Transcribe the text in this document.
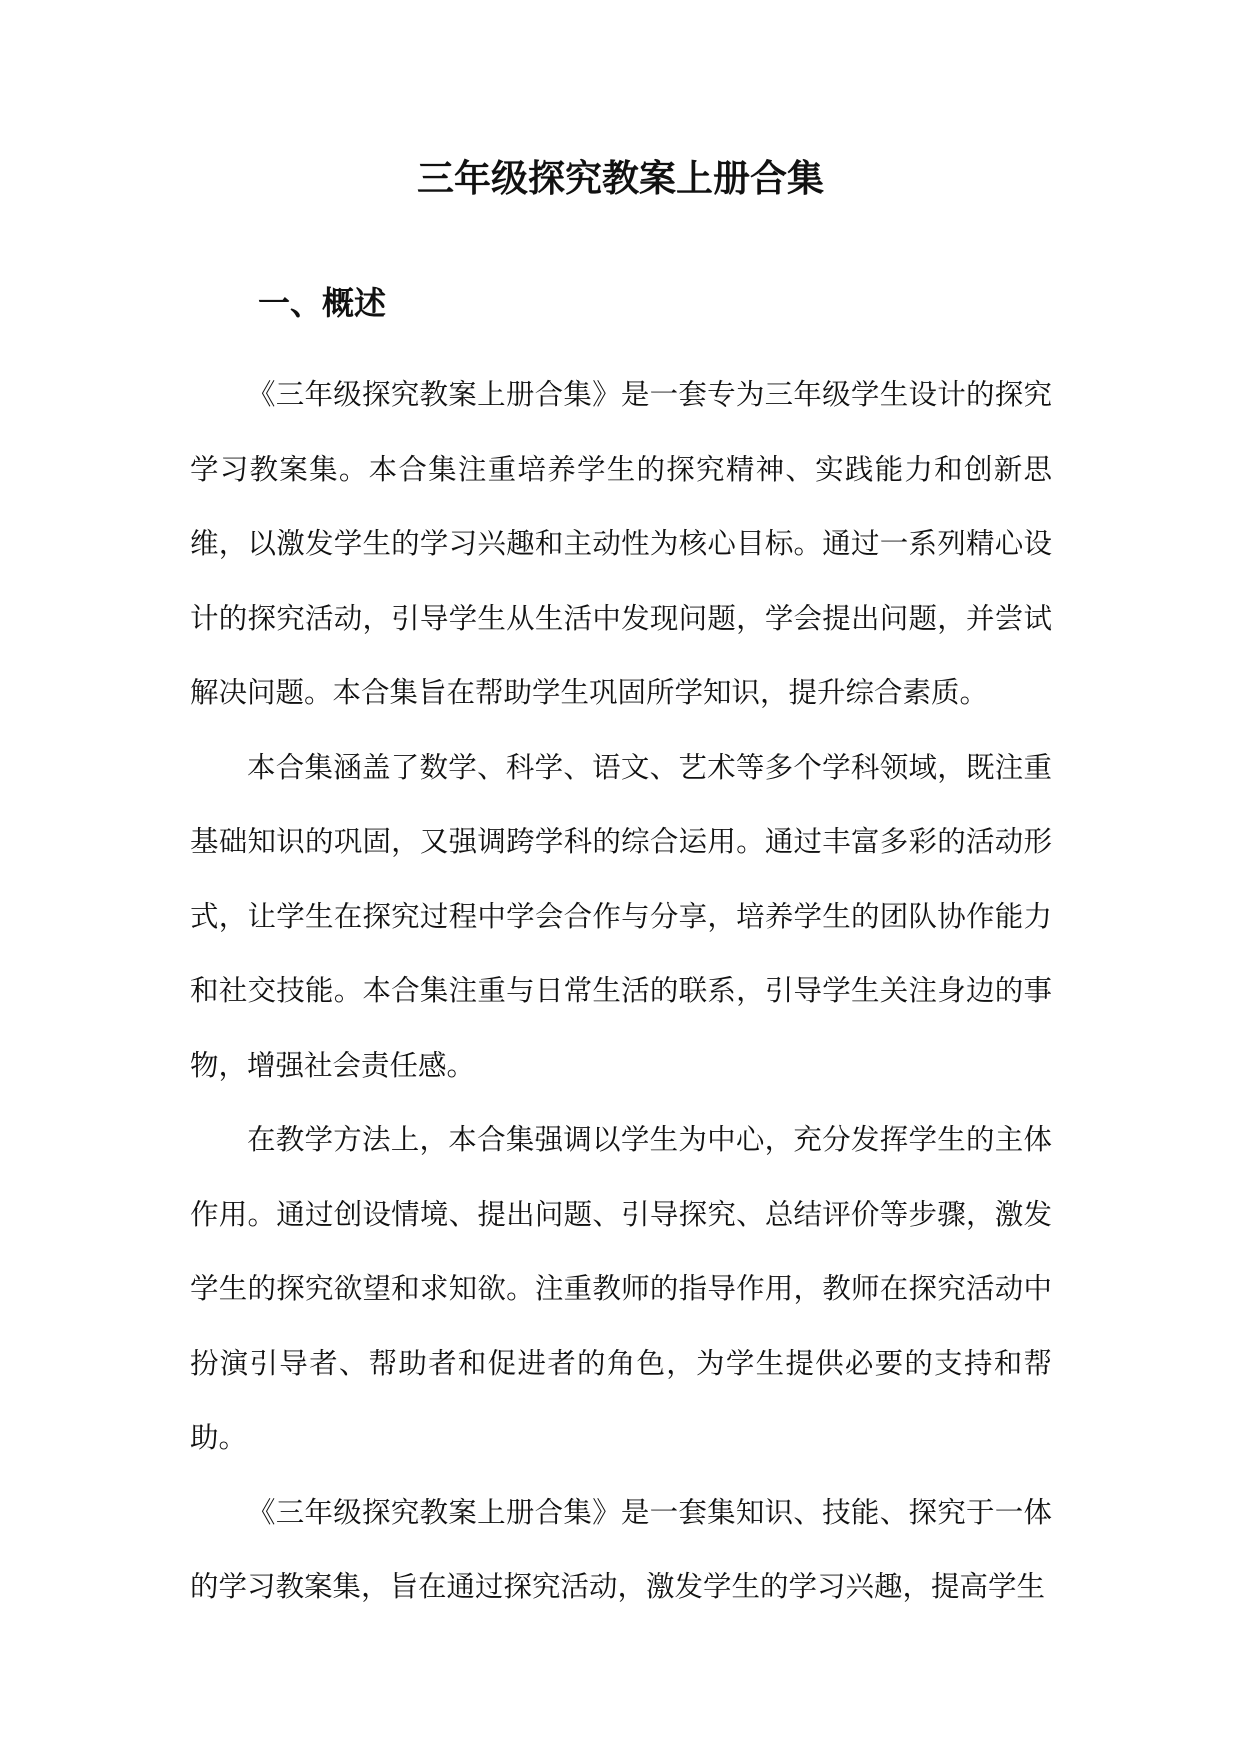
三年级探究教案上册合集
一、概述

《三年级探究教案上册合集》是一套专为三年级学生设计的探究学习教案集。本合集注重培养学生的探究精神、实践能力和创新思维，以激发学生的学习兴趣和主动性为核心目标。通过一系列精心设计的探究活动，引导学生从生活中发现问题，学会提出问题，并尝试解决问题。本合集旨在帮助学生巩固所学知识，提升综合素质。

本合集涵盖了数学、科学、语文、艺术等多个学科领域，既注重基础知识的巩固，又强调跨学科的综合运用。通过丰富多彩的活动形式，让学生在探究过程中学会合作与分享，培养学生的团队协作能力和社交技能。本合集注重与日常生活的联系，引导学生关注身边的事物，增强社会责任感。

在教学方法上，本合集强调以学生为中心，充分发挥学生的主体作用。通过创设情境、提出问题、引导探究、总结评价等步骤，激发学生的探究欲望和求知欲。注重教师的指导作用，教师在探究活动中扮演引导者、帮助者和促进者的角色，为学生提供必要的支持和帮助。

《三年级探究教案上册合集》是一套集知识、技能、探究于一体的学习教案集，旨在通过探究活动，激发学生的学习兴趣，提高学生
